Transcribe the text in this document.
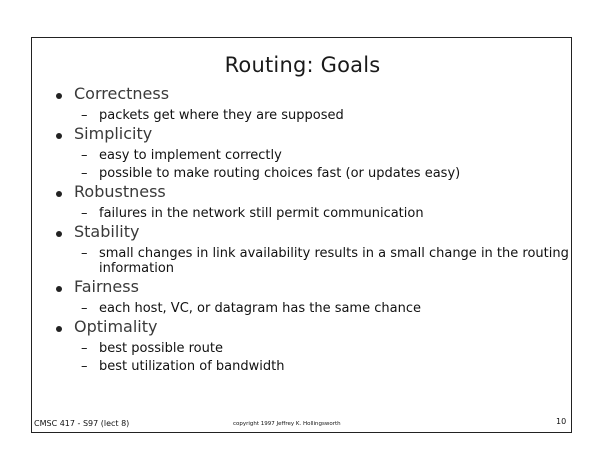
Routing: Goals
Correctness
– packets get where they are supposed
Simplicity
– easy to implement correctly
– possible to make routing choices fast (or updates easy)
Robustness
– failures in the network still permit communication
Stability
– small changes in link availability results in a small change in the routing information
Fairness
– each host, VC, or datagram has the same chance
Optimality
– best possible route
– best utilization of bandwidth
CMSC 417 - S97 (lect 8)	copyright 1997 Jeffrey K. Hollingsworth	10
